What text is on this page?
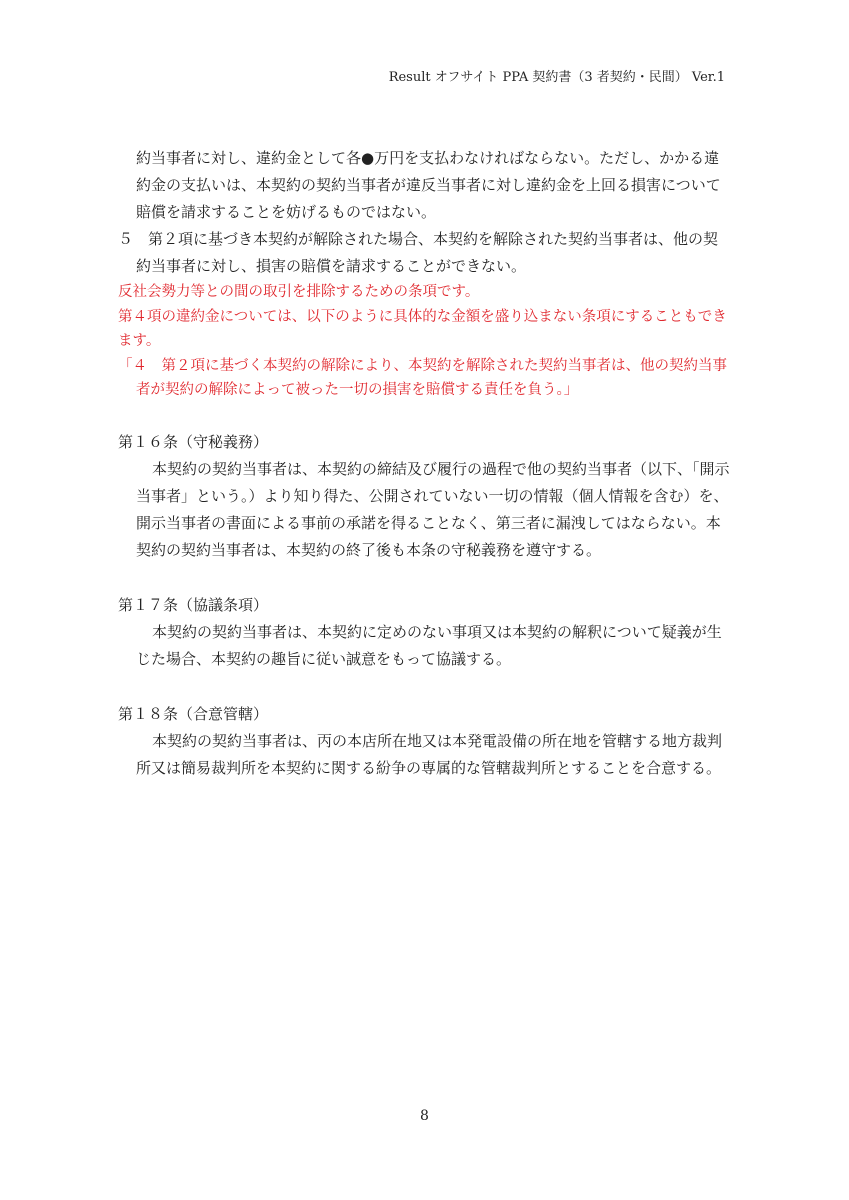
Result オフサイト PPA 契約書（3 者契約・民間） Ver.1

約当事者に対し、違約金として各●万円を支払わなければならない。ただし、かかる違約金の支払いは、本契約の契約当事者が違反当事者に対し違約金を上回る損害について賠償を請求することを妨げるものではない。

５　第２項に基づき本契約が解除された場合、本契約を解除された契約当事者は、他の契約当事者に対し、損害の賠償を請求することができない。

反社会勢力等との間の取引を排除するための条項です。

第４項の違約金については、以下のように具体的な金額を盛り込まない条項にすることもできます。

「４　第２項に基づく本契約の解除により、本契約を解除された契約当事者は、他の契約当事者が契約の解除によって被った一切の損害を賠償する責任を負う。」

第１６条（守秘義務）

本契約の契約当事者は、本契約の締結及び履行の過程で他の契約当事者（以下、「開示当事者」という。）より知り得た、公開されていない一切の情報（個人情報を含む）を、開示当事者の書面による事前の承諾を得ることなく、第三者に漏洩してはならない。本契約の契約当事者は、本契約の終了後も本条の守秘義務を遵守する。

第１７条（協議条項）

本契約の契約当事者は、本契約に定めのない事項又は本契約の解釈について疑義が生じた場合、本契約の趣旨に従い誠意をもって協議する。

第１８条（合意管轄）

本契約の契約当事者は、丙の本店所在地又は本発電設備の所在地を管轄する地方裁判所又は簡易裁判所を本契約に関する紛争の専属的な管轄裁判所とすることを合意する。

8
